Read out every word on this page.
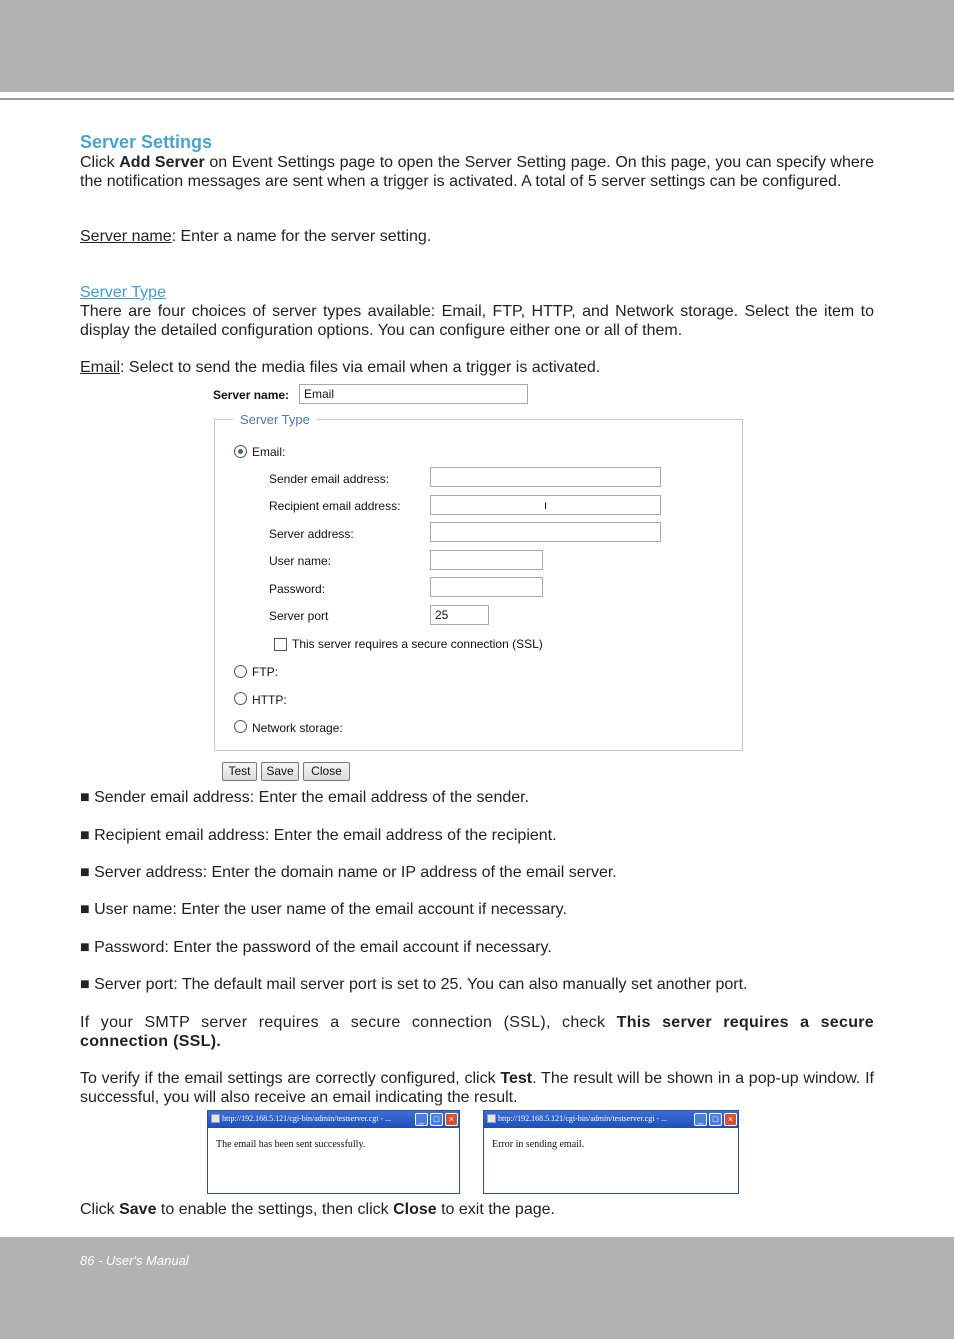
Server Settings

Click Add Server on Event Settings page to open the Server Setting page. On this page, you can specify where the notification messages are sent when a trigger is activated. A total of 5 server settings can be configured.

Server name: Enter a name for the server setting.

Server Type

There are four choices of server types available: Email, FTP, HTTP, and Network storage. Select the item to display the detailed configuration options. You can configure either one or all of them.

Email: Select to send the media files via email when a trigger is activated.

Server name:	Email
Server Type
Email:
Sender email address:
Recipient email address:	ı
Server address:
User name:
Password:
Server port	25
This server requires a secure connection (SSL)
FTP:
HTTP:
Network storage:
Test	Save	Close

■ Sender email address: Enter the email address of the sender.

■ Recipient email address: Enter the email address of the recipient.

■ Server address: Enter the domain name or IP address of the email server.

■ User name: Enter the user name of the email account if necessary.

■ Password: Enter the password of the email account if necessary.

■ Server port: The default mail server port is set to 25. You can also manually set another port.

If your SMTP server requires a secure connection (SSL), check This server requires a secure connection (SSL).

To verify if the email settings are correctly configured, click Test. The result will be shown in a pop-up window. If successful, you will also receive an email indicating the result.

http://192.168.5.121/cgi-bin/admin/testserver.cgi - ...	_	□	×
The email has been sent successfully.
http://192.168.5.121/cgi-bin/admin/testserver.cgi - ...	_	□	×
Error in sending email.

Click Save to enable the settings, then click Close to exit the page.

86 - User's Manual
